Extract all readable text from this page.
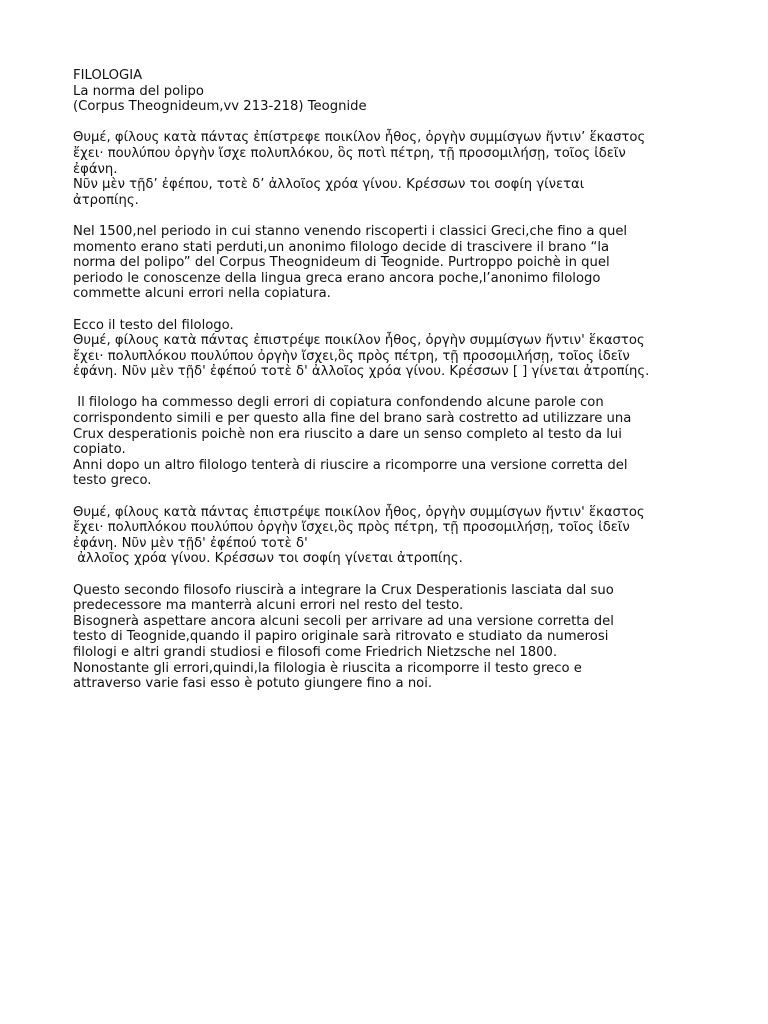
FILOLOGIA
La norma del polipo
(Corpus Theognideum,vv 213-218) Teognide
Θυμέ, φίλους κατὰ πάντας ἐπίστρεφε ποικίλον ἦθος, ὀργὴν συμμίσγων ἥντιν’ ἕκαστος
ἔχει· πουλύπου ὀργὴν ἴσχε πολυπλόκου, ὃς ποτὶ πέτρη, τῇ προσομιλήσῃ, τοῖος ἰδεῖν
ἐφάνη.
Νῦν μὲν τῇδ’ ἐφέπου, τοτὲ δ’ ἀλλοῖος χρόα γίνου. Κρέσσων τοι σοφίη γίνεται
ἀτροπίης.
Nel 1500,nel periodo in cui stanno venendo riscoperti i classici Greci,che fino a quel
momento erano stati perduti,un anonimo filologo decide di trascivere il brano “la
norma del polipo” del Corpus Theognideum di Teognide. Purtroppo poichè in quel
periodo le conoscenze della lingua greca erano ancora poche,l’anonimo filologo
commette alcuni errori nella copiatura.
Ecco il testo del filologo.
Θυμέ, φίλους κατὰ πάντας ἐπιστρέψε ποικίλον ἦθος, ὀργὴν συμμίσγων ἥντιν' ἕκαστος
ἔχει· πολυπλόκου πουλύπου ὀργὴν ἴσχει,ὃς πρὸς πέτρη, τῇ προσομιλήσῃ, τοῖος ἰδεῖν
ἐφάνη. Νῦν μὲν τῇδ' ἐφέπού τοτὲ δ' ἀλλοῖος χρόα γίνου. Κρέσσων [ ] γίνεται ἀτροπίης.
Il filologo ha commesso degli errori di copiatura confondendo alcune parole con
corrispondento simili e per questo alla fine del brano sarà costretto ad utilizzare una
Crux desperationis poichè non era riuscito a dare un senso completo al testo da lui
copiato.
Anni dopo un altro filologo tenterà di riuscire a ricomporre una versione corretta del
testo greco.
Θυμέ, φίλους κατὰ πάντας ἐπιστρέψε ποικίλον ἦθος, ὀργὴν συμμίσγων ἥντιν' ἕκαστος
ἔχει· πολυπλόκου πουλύπου ὀργὴν ἴσχει,ὃς πρὸς πέτρη, τῇ προσομιλήσῃ, τοῖος ἰδεῖν
ἐφάνη. Νῦν μὲν τῇδ' ἐφέπού τοτὲ δ'
ἀλλοῖος χρόα γίνου. Κρέσσων τοι σοφίη γίνεται ἀτροπίης.
Questo secondo filosofo riuscirà a integrare la Crux Desperationis lasciata dal suo
predecessore ma manterrà alcuni errori nel resto del testo.
Bisognerà aspettare ancora alcuni secoli per arrivare ad una versione corretta del
testo di Teognide,quando il papiro originale sarà ritrovato e studiato da numerosi
filologi e altri grandi studiosi e filosofi come Friedrich Nietzsche nel 1800.
Nonostante gli errori,quindi,la filologia è riuscita a ricomporre il testo greco e
attraverso varie fasi esso è potuto giungere fino a noi.
